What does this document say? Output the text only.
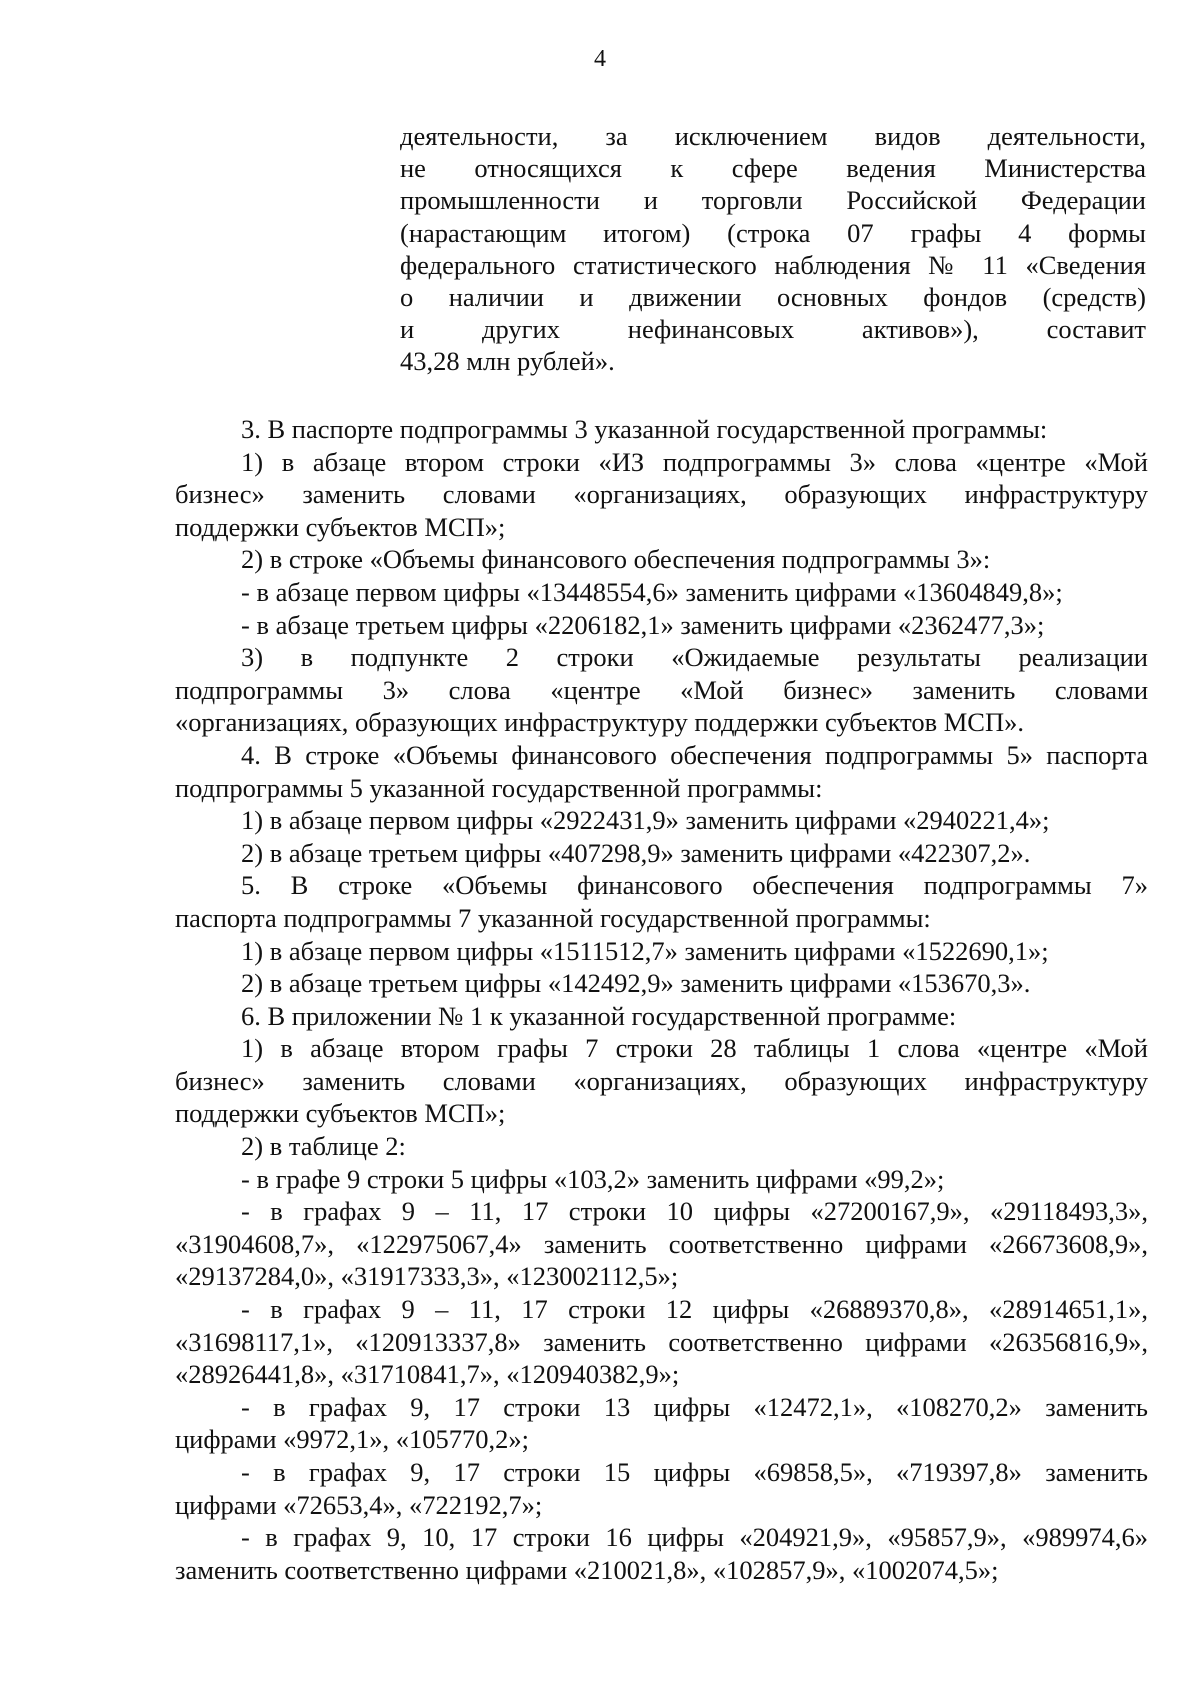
4
деятельности, за исключением видов деятельности,
не относящихся к сфере ведения Министерства
промышленности и торговли Российской Федерации
(нарастающим итогом) (строка 07 графы 4 формы
федерального статистического наблюдения № 11 «Сведения
о наличии и движении основных фондов (средств)
и других нефинансовых активов»), составит
43,28 млн рублей».
3. В паспорте подпрограммы 3 указанной государственной программы:
1) в абзаце втором строки «ИЗ подпрограммы 3» слова «центре «Мой
бизнес» заменить словами «организациях, образующих инфраструктуру
поддержки субъектов МСП»;
2) в строке «Объемы финансового обеспечения подпрограммы 3»:
- в абзаце первом цифры «13448554,6» заменить цифрами «13604849,8»;
- в абзаце третьем цифры «2206182,1» заменить цифрами «2362477,3»;
3) в подпункте 2 строки «Ожидаемые результаты реализации
подпрограммы 3» слова «центре «Мой бизнес» заменить словами
«организациях, образующих инфраструктуру поддержки субъектов МСП».
4. В строке «Объемы финансового обеспечения подпрограммы 5» паспорта
подпрограммы 5 указанной государственной программы:
1) в абзаце первом цифры «2922431,9» заменить цифрами «2940221,4»;
2) в абзаце третьем цифры «407298,9» заменить цифрами «422307,2».
5. В строке «Объемы финансового обеспечения подпрограммы 7»
паспорта подпрограммы 7 указанной государственной программы:
1) в абзаце первом цифры «1511512,7» заменить цифрами «1522690,1»;
2) в абзаце третьем цифры «142492,9» заменить цифрами «153670,3».
6. В приложении № 1 к указанной государственной программе:
1) в абзаце втором графы 7 строки 28 таблицы 1 слова «центре «Мой
бизнес» заменить словами «организациях, образующих инфраструктуру
поддержки субъектов МСП»;
2) в таблице 2:
- в графе 9 строки 5 цифры «103,2» заменить цифрами «99,2»;
- в графах 9 – 11, 17 строки 10 цифры «27200167,9», «29118493,3»,
«31904608,7», «122975067,4» заменить соответственно цифрами «26673608,9»,
«29137284,0», «31917333,3», «123002112,5»;
- в графах 9 – 11, 17 строки 12 цифры «26889370,8», «28914651,1»,
«31698117,1», «120913337,8» заменить соответственно цифрами «26356816,9»,
«28926441,8», «31710841,7», «120940382,9»;
- в графах 9, 17 строки 13 цифры «12472,1», «108270,2» заменить
цифрами «9972,1», «105770,2»;
- в графах 9, 17 строки 15 цифры «69858,5», «719397,8» заменить
цифрами «72653,4», «722192,7»;
- в графах 9, 10, 17 строки 16 цифры «204921,9», «95857,9», «989974,6»
заменить соответственно цифрами «210021,8», «102857,9», «1002074,5»;
